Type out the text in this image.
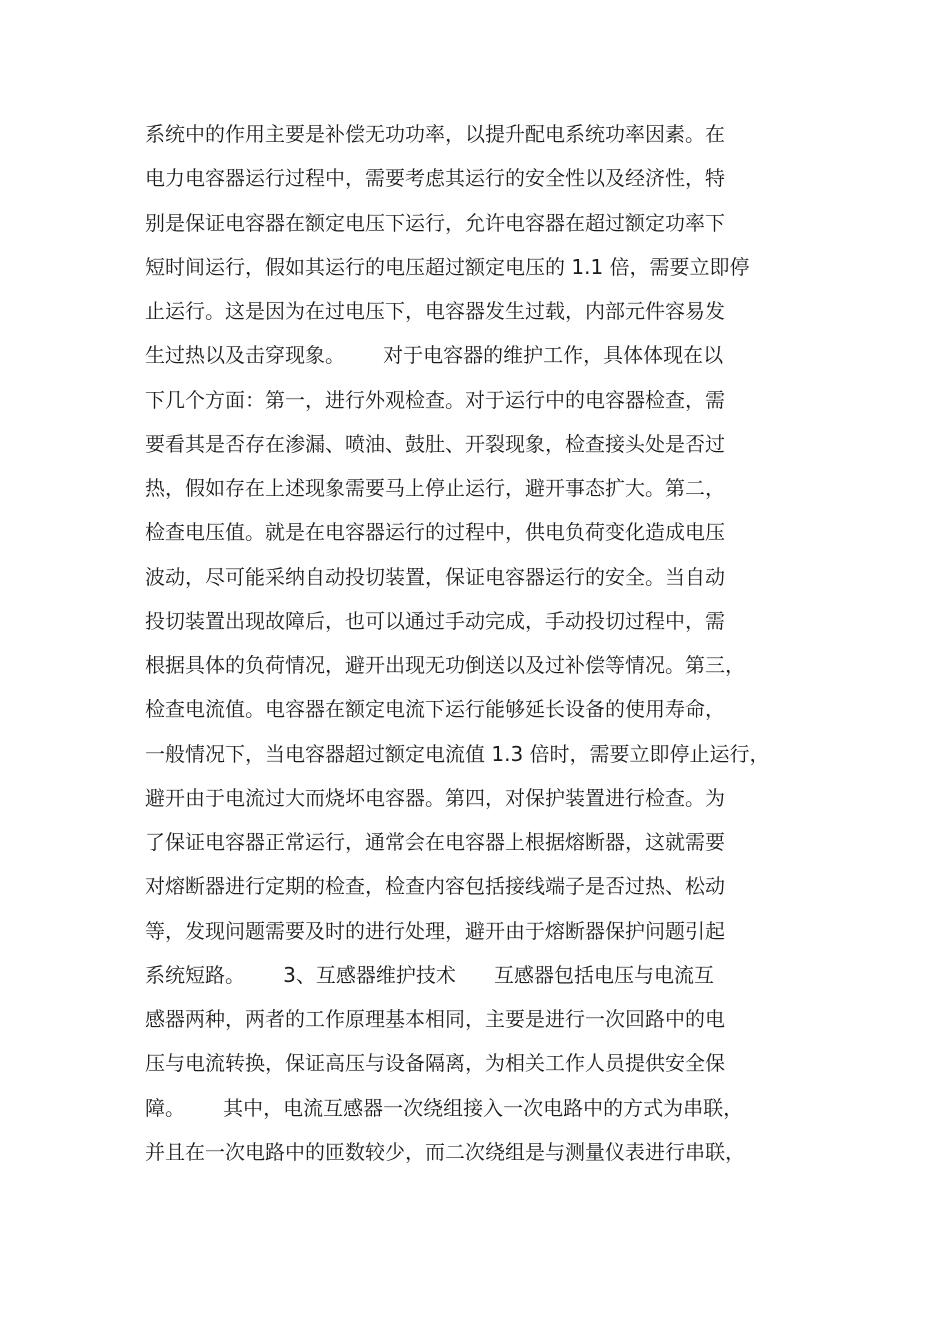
系统中的作用主要是补偿无功功率，以提升配电系统功率因素。在
电力电容器运行过程中，需要考虑其运行的安全性以及经济性，特
别是保证电容器在额定电压下运行，允许电容器在超过额定功率下
短时间运行，假如其运行的电压超过额定电压的 1.1 倍，需要立即停
止运行。这是因为在过电压下，电容器发生过载，内部元件容易发
生过热以及击穿现象。      对于电容器的维护工作，具体体现在以
下几个方面：第一，进行外观检查。对于运行中的电容器检查，需
要看其是否存在渗漏、喷油、鼓肚、开裂现象，检查接头处是否过
热，假如存在上述现象需要马上停止运行，避开事态扩大。第二，
检查电压值。就是在电容器运行的过程中，供电负荷变化造成电压
波动，尽可能采纳自动投切装置，保证电容器运行的安全。当自动
投切装置出现故障后，也可以通过手动完成，手动投切过程中，需
根据具体的负荷情况，避开出现无功倒送以及过补偿等情况。第三，
检查电流值。电容器在额定电流下运行能够延长设备的使用寿命，
一般情况下，当电容器超过额定电流值 1.3 倍时，需要立即停止运行，
避开由于电流过大而烧坏电容器。第四，对保护装置进行检查。为
了保证电容器正常运行，通常会在电容器上根据熔断器，这就需要
对熔断器进行定期的检查，检查内容包括接线端子是否过热、松动
等，发现问题需要及时的进行处理，避开由于熔断器保护问题引起
系统短路。      3、互感器维护技术      互感器包括电压与电流互
感器两种，两者的工作原理基本相同，主要是进行一次回路中的电
压与电流转换，保证高压与设备隔离，为相关工作人员提供安全保
障。      其中，电流互感器一次绕组接入一次电路中的方式为串联，
并且在一次电路中的匝数较少，而二次绕组是与测量仪表进行串联，
